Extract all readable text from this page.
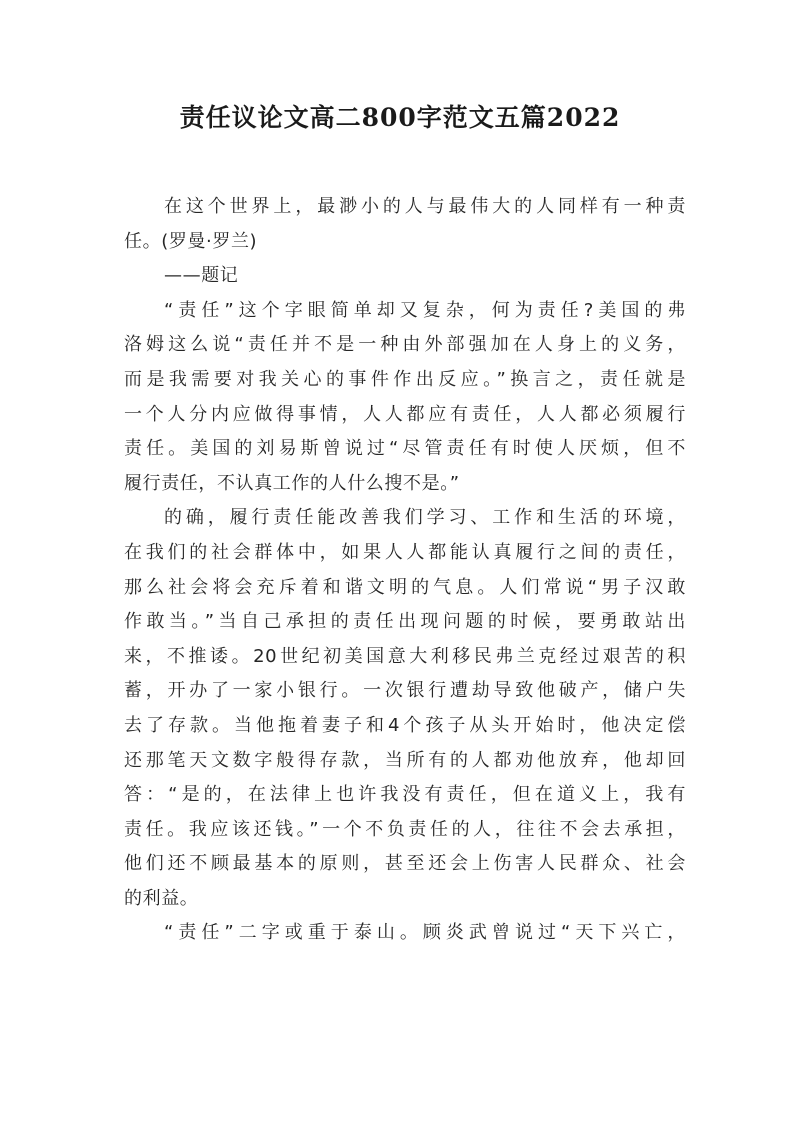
责任议论文高二800字范文五篇2022
在这个世界上，最渺小的人与最伟大的人同样有一种责
任。(罗曼·罗兰)
——题记
“责任”这个字眼简单却又复杂，何为责任?美国的弗
洛姆这么说“责任并不是一种由外部强加在人身上的义务，
而是我需要对我关心的事件作出反应。”换言之，责任就是
一个人分内应做得事情，人人都应有责任，人人都必须履行
责任。美国的刘易斯曾说过“尽管责任有时使人厌烦，但不
履行责任，不认真工作的人什么搜不是。”
的确，履行责任能改善我们学习、工作和生活的环境，
在我们的社会群体中，如果人人都能认真履行之间的责任，
那么社会将会充斥着和谐文明的气息。人们常说“男子汉敢
作敢当。”当自己承担的责任出现问题的时候，要勇敢站出
来，不推诿。20世纪初美国意大利移民弗兰克经过艰苦的积
蓄，开办了一家小银行。一次银行遭劫导致他破产，储户失
去了存款。当他拖着妻子和4个孩子从头开始时，他决定偿
还那笔天文数字般得存款，当所有的人都劝他放弃，他却回
答：“是的，在法律上也许我没有责任，但在道义上，我有
责任。我应该还钱。”一个不负责任的人，往往不会去承担，
他们还不顾最基本的原则，甚至还会上伤害人民群众、社会
的利益。
“责任”二字或重于泰山。顾炎武曾说过“天下兴亡，
